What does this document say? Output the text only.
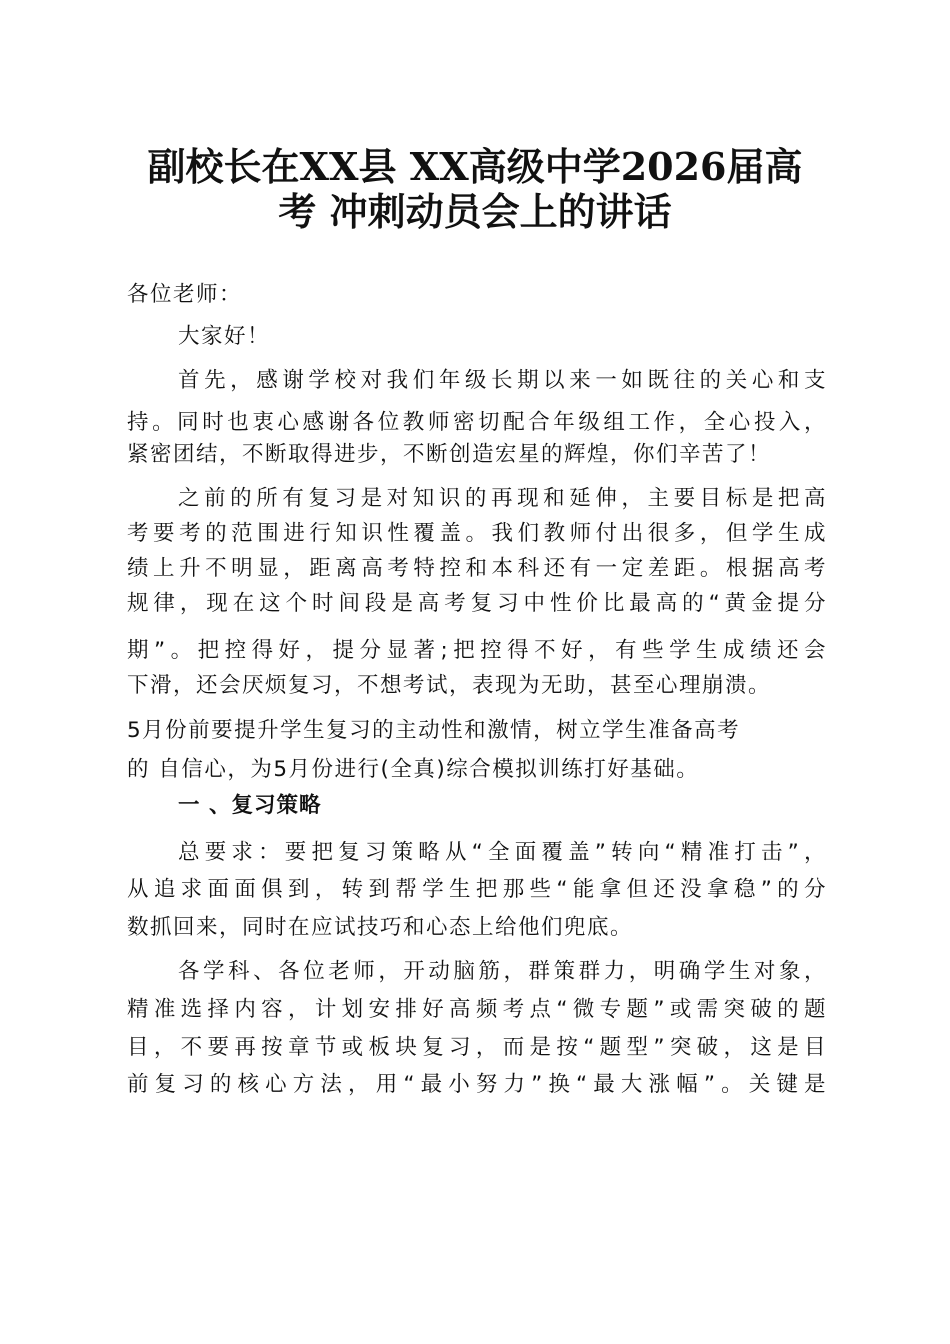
副校长在XX县 XX高级中学2026届高
考 冲刺动员会上的讲话
各位老师：
大家好！
首先，感谢学校对我们年级长期以来一如既往的关心和支
持。同时也衷心感谢各位教师密切配合年级组工作，全心投入，
紧密团结，不断取得进步，不断创造宏星的辉煌，你们辛苦了！
之前的所有复习是对知识的再现和延伸，主要目标是把高
考要考的范围进行知识性覆盖。我们教师付出很多，但学生成
绩上升不明显，距离高考特控和本科还有一定差距。根据高考
规律，现在这个时间段是高考复习中性价比最高的“黄金提分
期”。把控得好，提分显著;把控得不好，有些学生成绩还会
下滑，还会厌烦复习，不想考试，表现为无助，甚至心理崩溃。
5月份前要提升学生复习的主动性和激情，树立学生准备高考
的 自信心，为5月份进行(全真)综合模拟训练打好基础。
一 、复习策略
总要求：要把复习策略从“全面覆盖”转向“精准打击”，
从追求面面俱到，转到帮学生把那些“能拿但还没拿稳”的分
数抓回来，同时在应试技巧和心态上给他们兜底。
各学科、各位老师，开动脑筋，群策群力，明确学生对象，
精准选择内容，计划安排好高频考点“微专题”或需突破的题
目，不要再按章节或板块复习，而是按“题型”突破，这是目
前复习的核心方法，用“最小努力”换“最大涨幅”。关键是
